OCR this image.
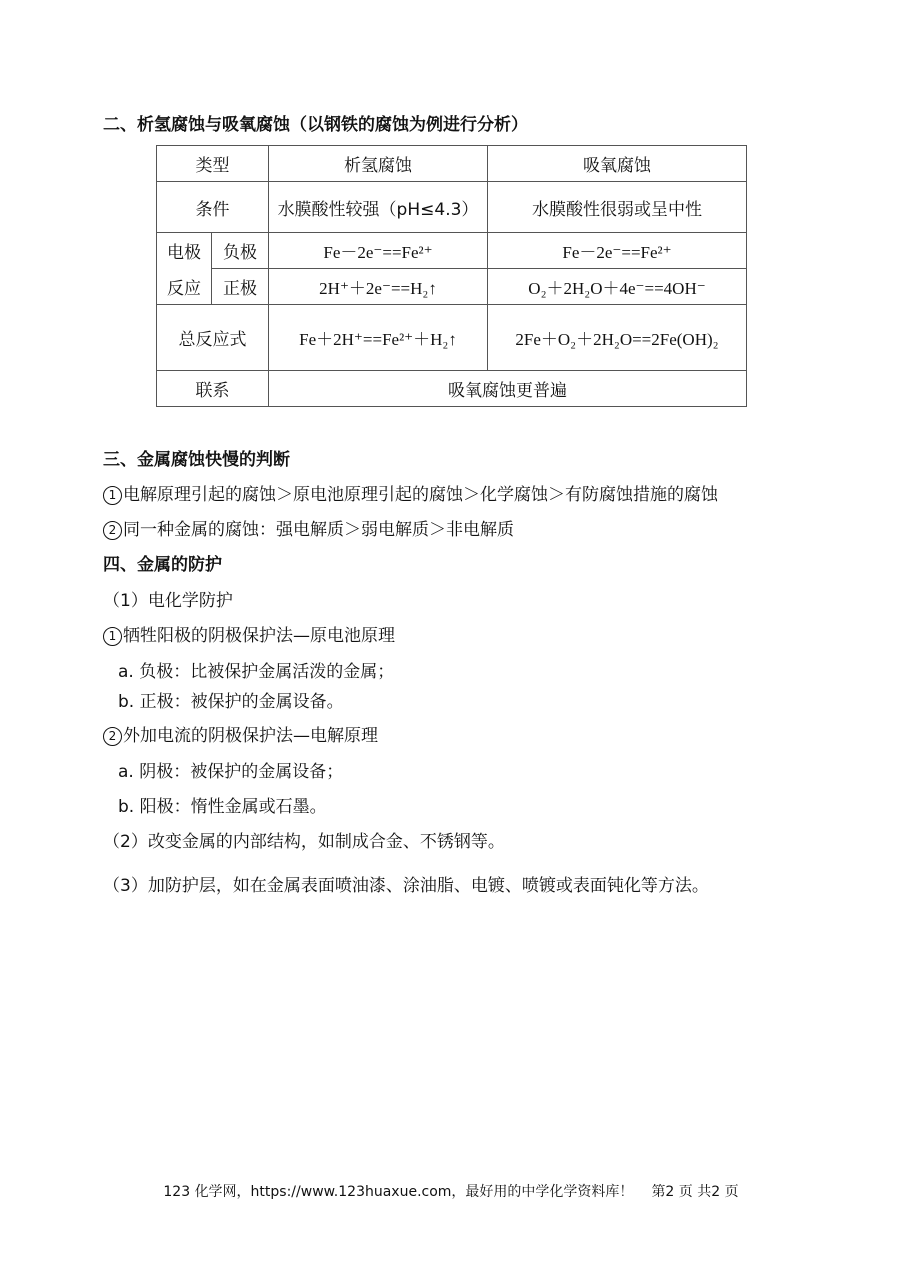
二、析氢腐蚀与吸氧腐蚀（以钢铁的腐蚀为例进行分析）
类型		析氢腐蚀	吸氧腐蚀
条件		水膜酸性较强（pH≤4.3）	水膜酸性很弱或呈中性
电极	负极	Fe－2e⁻==Fe²⁺	Fe－2e⁻==Fe²⁺
反应	正极	2H⁺＋2e⁻==H₂↑	O₂＋2H₂O＋4e⁻==4OH⁻
总反应式		Fe＋2H⁺==Fe²⁺＋H₂↑	2Fe＋O₂＋2H₂O==2Fe(OH)₂
联系		吸氧腐蚀更普遍	
三、金属腐蚀快慢的判断
1 电解原理引起的腐蚀＞原电池原理引起的腐蚀＞化学腐蚀＞有防腐蚀措施的腐蚀
2 同一种金属的腐蚀：强电解质＞弱电解质＞非电解质
四、金属的防护
（1）电化学防护
1 牺牲阳极的阴极保护法—原电池原理
a. 负极：比被保护金属活泼的金属；
b. 正极：被保护的金属设备。
2 外加电流的阴极保护法—电解原理
a. 阴极：被保护的金属设备；
b. 阳极：惰性金属或石墨。
（2）改变金属的内部结构，如制成合金、不锈钢等。
（3）加防护层，如在金属表面喷油漆、涂油脂、电镀、喷镀或表面钝化等方法。
123 化学网，https://www.123huaxue.com，最好用的中学化学资料库！ 第2 页 共2 页
